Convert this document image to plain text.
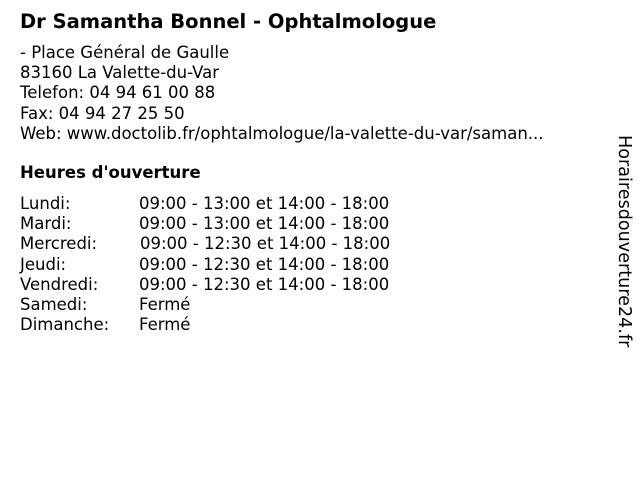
Dr Samantha Bonnel - Ophtalmologue
- Place Général de Gaulle
83160 La Valette-du-Var
Telefon: 04 94 61 00 88
Fax: 04 94 27 25 50
Web: www.doctolib.fr/ophtalmologue/la-valette-du-var/saman...
Heures d'ouverture
Lundi:	09:00 - 13:00 et 14:00 - 18:00
Mardi:	09:00 - 13:00 et 14:00 - 18:00
Mercredi:	09:00 - 12:30 et 14:00 - 18:00
Jeudi:	09:00 - 12:30 et 14:00 - 18:00
Vendredi: 09:00 - 12:30 et 14:00 - 18:00
Samedi:	Fermé
Dimanche: Fermé	Horairesdouverture24.fr
